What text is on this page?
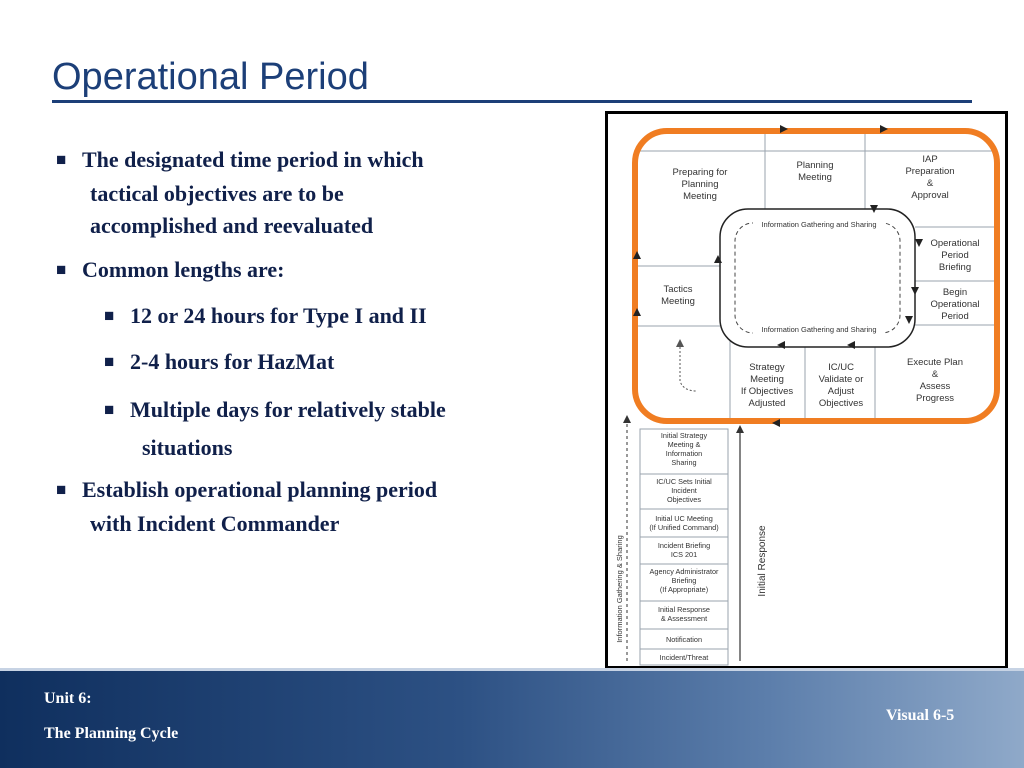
Operational Period
■ The designated time period in which
tactical objectives are to be
accomplished and reevaluated
■ Common lengths are:
■ 12 or 24 hours for Type I and II
■ 2-4 hours for HazMat
■ Multiple days for relatively stable
situations
■ Establish operational planning period
with Incident Commander
Information Gathering and Sharing
Information Gathering and Sharing
Preparing for
Planning
Meeting
Planning
Meeting
IAP
Preparation
&
Approval
Operational
Period
Briefing
Begin
Operational
Period
Execute Plan
&
Assess
Progress
IC/UC
Validate or
Adjust
Objectives
Strategy
Meeting
If Objectives
Adjusted
Tactics
Meeting
Initial Strategy
Meeting &
Information
Sharing
IC/UC Sets Initial
Incident
Objectives
Initial UC Meeting
(If Unified Command)
Incident Briefing
ICS 201
Agency Administrator
Briefing
(If Appropriate)
Initial Response
& Assessment
Notification
Incident/Threat
Information Gathering & Sharing	Initial Response
Unit 6:
The Planning Cycle
Visual 6-5
